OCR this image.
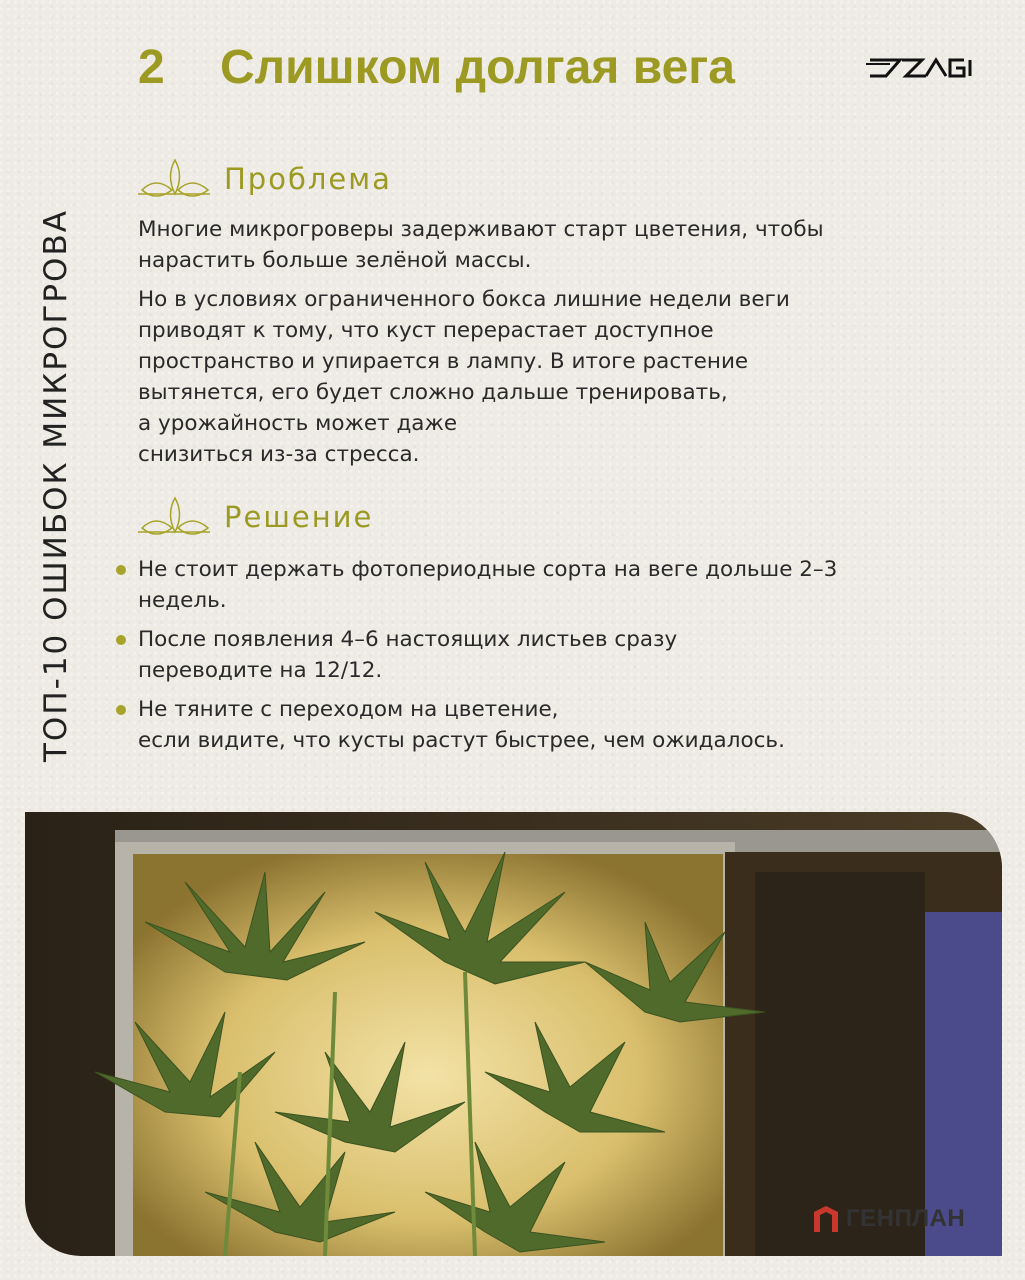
ТОП-10 ОШИБОК МИКРОГРОВА
2 Слишком долгая вега
Проблема
Многие микрогроверы задерживают старт цветения, чтобы
нарастить больше зелёной массы.
Но в условиях ограниченного бокса лишние недели веги
приводят к тому, что куст перерастает доступное
пространство и упирается в лампу. В итоге растение
вытянется, его будет сложно дальше тренировать,
а урожайность может даже
снизиться из-за стресса.
Решение
Не стоит держать фотопериодные сорта на веге дольше 2–3
недель.
После появления 4–6 настоящих листьев сразу
переводите на 12/12.
Не тяните с переходом на цветение,
если видите, что кусты растут быстрее, чем ожидалось.
ГЕНПЛАН
